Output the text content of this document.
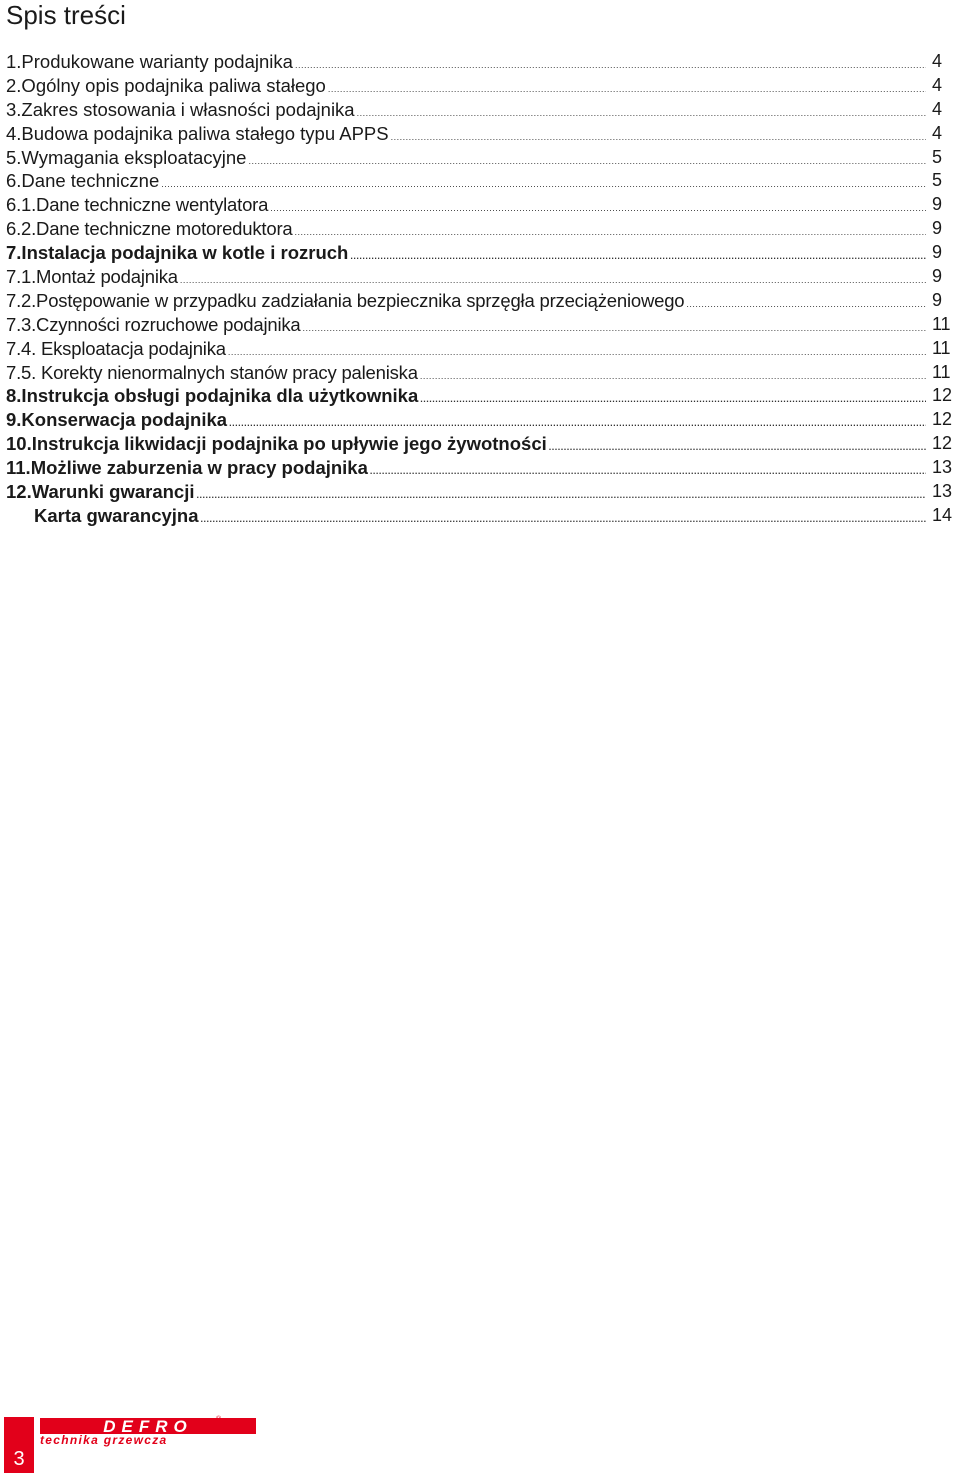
Spis treści
1.Produkowane warianty podajnika .....	4
2.Ogólny opis podajnika paliwa stałego .....	4
3.Zakres stosowania i własności podajnika .....	4
4.Budowa podajnika paliwa stałego typu APPS .....	4
5.Wymagania eksploatacyjne .....	5
6.Dane techniczne .....	5
6.1.Dane techniczne wentylatora .....	9
6.2.Dane techniczne motoreduktora .....	9
7.Instalacja podajnika w kotle i rozruch .....	9
7.1.Montaż podajnika .....	9
7.2.Postępowanie w przypadku zadziałania bezpiecznika sprzęgła przeciążeniowego .....	9
7.3.Czynności rozruchowe podajnika .....	11
7.4. Eksploatacja podajnika .....	11
7.5. Korekty nienormalnych stanów pracy paleniska .....	11
8.Instrukcja obsługi podajnika dla użytkownika .....	12
9.Konserwacja podajnika .....	12
10.Instrukcja likwidacji podajnika po upływie jego żywotności .....	12
11.Możliwe zaburzenia w pracy podajnika .....	13
12.Warunki gwarancji .....	13
Karta gwarancyjna .....	14
3
DEFRO	®
technika grzewcza
